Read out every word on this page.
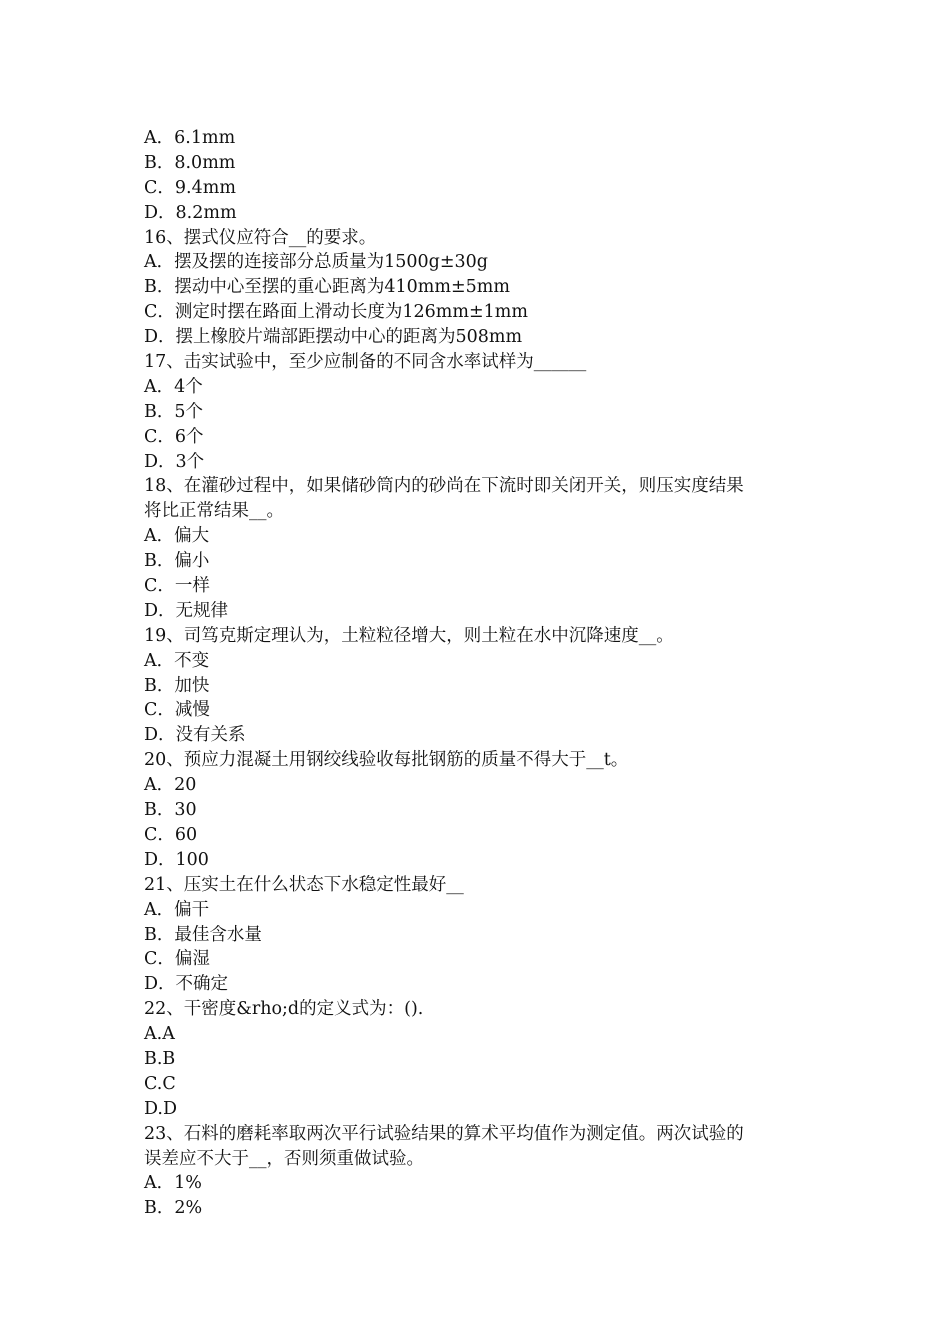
A．6.1mm
B．8.0mm
C．9.4mm
D．8.2mm
16、摆式仪应符合__的要求。
A．摆及摆的连接部分总质量为1500g±30g
B．摆动中心至摆的重心距离为410mm±5mm
C．测定时摆在路面上滑动长度为126mm±1mm
D．摆上橡胶片端部距摆动中心的距离为508mm
17、击实试验中，至少应制备的不同含水率试样为______
A．4个
B．5个
C．6个
D．3个
18、在灌砂过程中，如果储砂筒内的砂尚在下流时即关闭开关，则压实度结果
将比正常结果__。
A．偏大
B．偏小
C．一样
D．无规律
19、司笃克斯定理认为，土粒粒径增大，则土粒在水中沉降速度__。
A．不变
B．加快
C．减慢
D．没有关系
20、预应力混凝土用钢绞线验收每批钢筋的质量不得大于__t。
A．20
B．30
C．60
D．100
21、压实土在什么状态下水稳定性最好__
A．偏干
B．最佳含水量
C．偏湿
D．不确定
22、干密度&rho;d的定义式为：().
A.A
B.B
C.C
D.D
23、石料的磨耗率取两次平行试验结果的算术平均值作为测定值。两次试验的
误差应不大于__，否则须重做试验。
A．1%
B．2%
